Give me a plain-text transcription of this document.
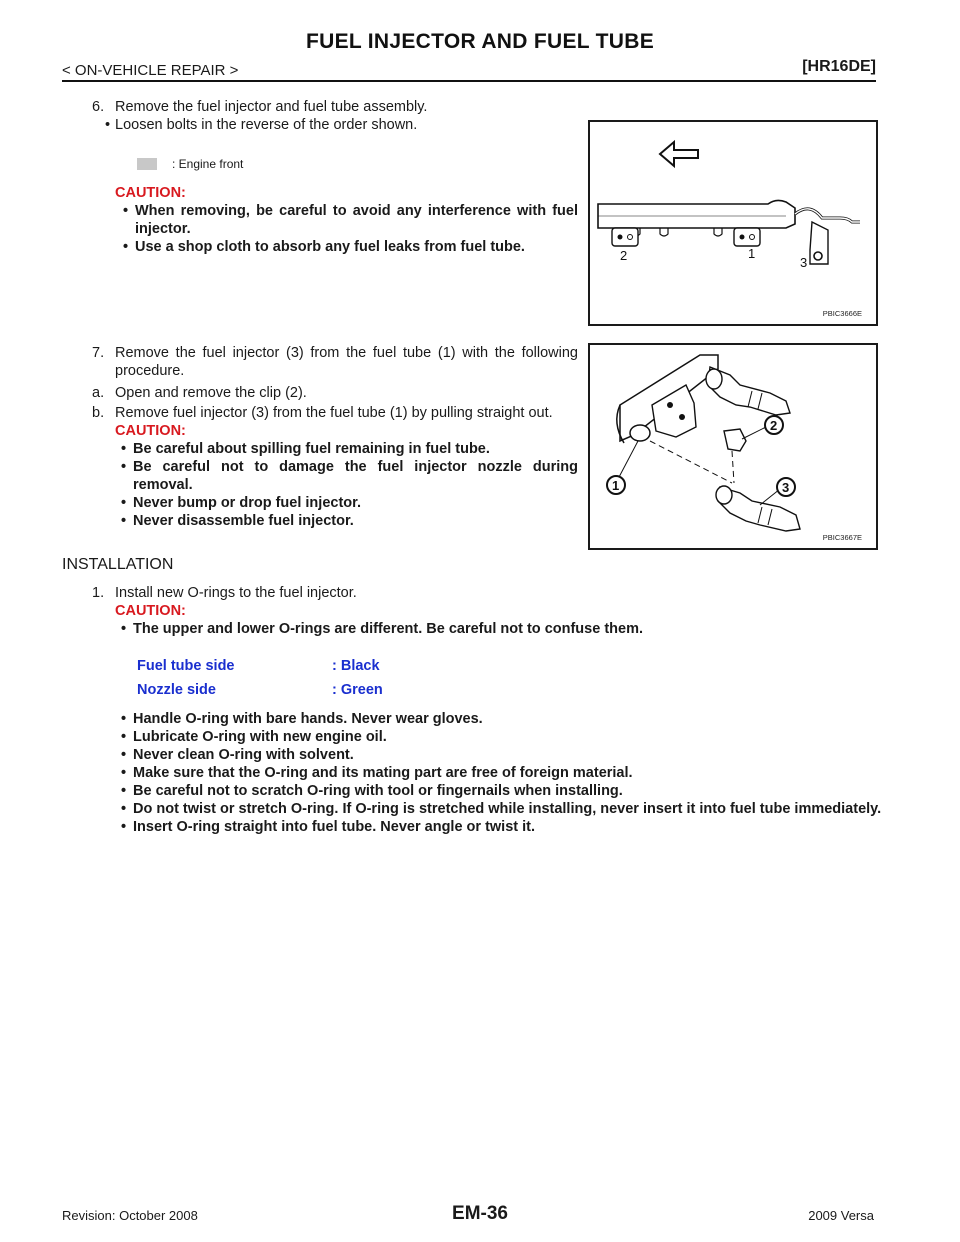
FUEL INJECTOR AND FUEL TUBE
< ON-VEHICLE REPAIR >	[HR16DE]
6. Remove the fuel injector and fuel tube assembly.
• Loosen bolts in the reverse of the order shown.
: Engine front
CAUTION:
• When removing, be careful to avoid any interference with fuel injector.
• Use a shop cloth to absorb any fuel leaks from fuel tube.
2	1
3
PBIC3666E
7. Remove the fuel injector (3) from the fuel tube (1) with the following procedure.
a. Open and remove the clip (2).
b. Remove fuel injector (3) from the fuel tube (1) by pulling straight out.
CAUTION:
• Be careful about spilling fuel remaining in fuel tube.
• Be careful not to damage the fuel injector nozzle during removal.
• Never bump or drop fuel injector.
• Never disassemble fuel injector.
1
2
3
PBIC3667E
INSTALLATION
1. Install new O-rings to the fuel injector.
CAUTION:
• The upper and lower O-rings are different. Be careful not to confuse them.
Fuel tube side	: Black
Nozzle side	: Green
• Handle O-ring with bare hands. Never wear gloves.
• Lubricate O-ring with new engine oil.
• Never clean O-ring with solvent.
• Make sure that the O-ring and its mating part are free of foreign material.
• Be careful not to scratch O-ring with tool or fingernails when installing.
• Do not twist or stretch O-ring. If O-ring is stretched while installing, never insert it into fuel tube immediately.
• Insert O-ring straight into fuel tube. Never angle or twist it.
Revision: October 2008	EM-36	2009 Versa
